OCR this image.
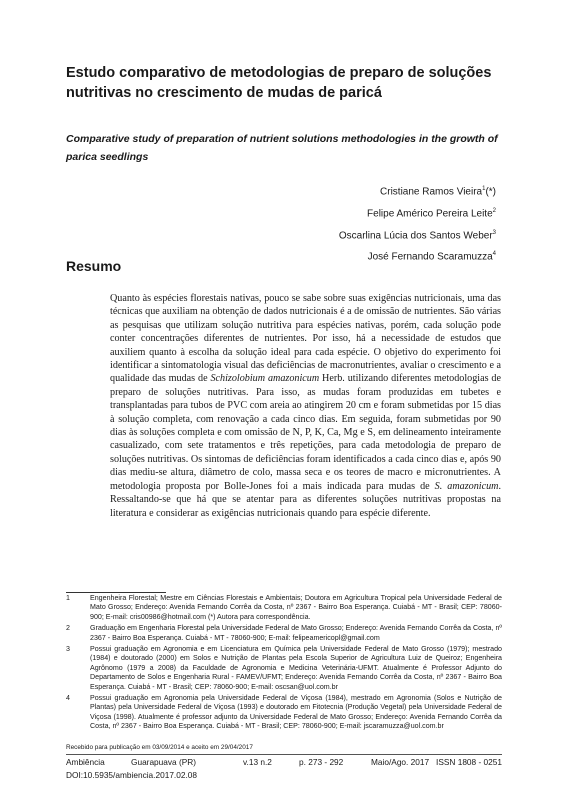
Estudo comparativo de metodologias de preparo de soluções nutritivas no crescimento de mudas de paricá
Comparative study of preparation of nutrient solutions methodologies in the growth of parica seedlings
Cristiane Ramos Vieira$^1$(*)
Felipe Américo Pereira Leite$^2$
Oscarlina Lúcia dos Santos Weber$^3$
José Fernando Scaramuzza$^4$
Resumo
Quanto às espécies florestais nativas, pouco se sabe sobre suas exigências nutricionais, uma das técnicas que auxiliam na obtenção de dados nutricionais é a de omissão de nutrientes. São várias as pesquisas que utilizam solução nutritiva para espécies nativas, porém, cada solução pode conter concentrações diferentes de nutrientes. Por isso, há a necessidade de estudos que auxiliem quanto à escolha da solução ideal para cada espécie. O objetivo do experimento foi identificar a sintomatologia visual das deficiências de macronutrientes, avaliar o crescimento e a qualidade das mudas de Schizolobium amazonicum Herb. utilizando diferentes metodologias de preparo de soluções nutritivas. Para isso, as mudas foram produzidas em tubetes e transplantadas para tubos de PVC com areia ao atingirem 20 cm e foram submetidas por 15 dias à solução completa, com renovação a cada cinco dias. Em seguida, foram submetidas por 90 dias às soluções completa e com omissão de N, P, K, Ca, Mg e S, em delineamento inteiramente casualizado, com sete tratamentos e três repetições, para cada metodologia de preparo de soluções nutritivas. Os sintomas de deficiências foram identificados a cada cinco dias e, após 90 dias mediu-se altura, diâmetro de colo, massa seca e os teores de macro e micronutrientes. A metodologia proposta por Bolle-Jones foi a mais indicada para mudas de S. amazonicum. Ressaltando-se que há que se atentar para as diferentes soluções nutritivas propostas na literatura e considerar as exigências nutricionais quando para espécie diferente.
1	Engenheira Florestal; Mestre em Ciências Florestais e Ambientais; Doutora em Agricultura Tropical pela Universidade Federal de Mato Grosso; Endereço: Avenida Fernando Corrêa da Costa, nº 2367 - Bairro Boa Esperança. Cuiabá - MT - Brasil; CEP: 78060-900; E-mail: cris00986@hotmail.com (*) Autora para correspondência.
2	Graduação em Engenharia Florestal pela Universidade Federal de Mato Grosso; Endereço: Avenida Fernando Corrêa da Costa, nº 2367 - Bairro Boa Esperança. Cuiabá - MT - 78060-900; E-mail: felipeamericopl@gmail.com
3	Possui graduação em Agronomia e em Licenciatura em Química pela Universidade Federal de Mato Grosso (1979); mestrado (1984) e doutorado (2000) em Solos e Nutrição de Plantas pela Escola Superior de Agricultura Luiz de Queiroz; Engenheira Agrônomo (1979 a 2008) da Faculdade de Agronomia e Medicina Veterinária-UFMT. Atualmente é Professor Adjunto do Departamento de Solos e Engenharia Rural - FAMEV/UFMT; Endereço: Avenida Fernando Corrêa da Costa, nº 2367 - Bairro Boa Esperança. Cuiabá - MT - Brasil; CEP: 78060-900; E-mail: oscsan@uol.com.br
4	Possui graduação em Agronomia pela Universidade Federal de Viçosa (1984), mestrado em Agronomia (Solos e Nutrição de Plantas) pela Universidade Federal de Viçosa (1993) e doutorado em Fitotecnia (Produção Vegetal) pela Universidade Federal de Viçosa (1998). Atualmente é professor adjunto da Universidade Federal de Mato Grosso; Endereço: Avenida Fernando Corrêa da Costa, nº 2367 - Bairro Boa Esperança. Cuiabá - MT - Brasil; CEP: 78060-900; E-mail: jscaramuzza@uol.com.br
Recebido para publicação em 03/09/2014 e aceito em 29/04/2017
Ambiência	Guarapuava (PR)	v.13 n.2	p. 273 - 292	Maio/Ago. 2017 ISSN 1808 - 0251
DOI:10.5935/ambiencia.2017.02.08
